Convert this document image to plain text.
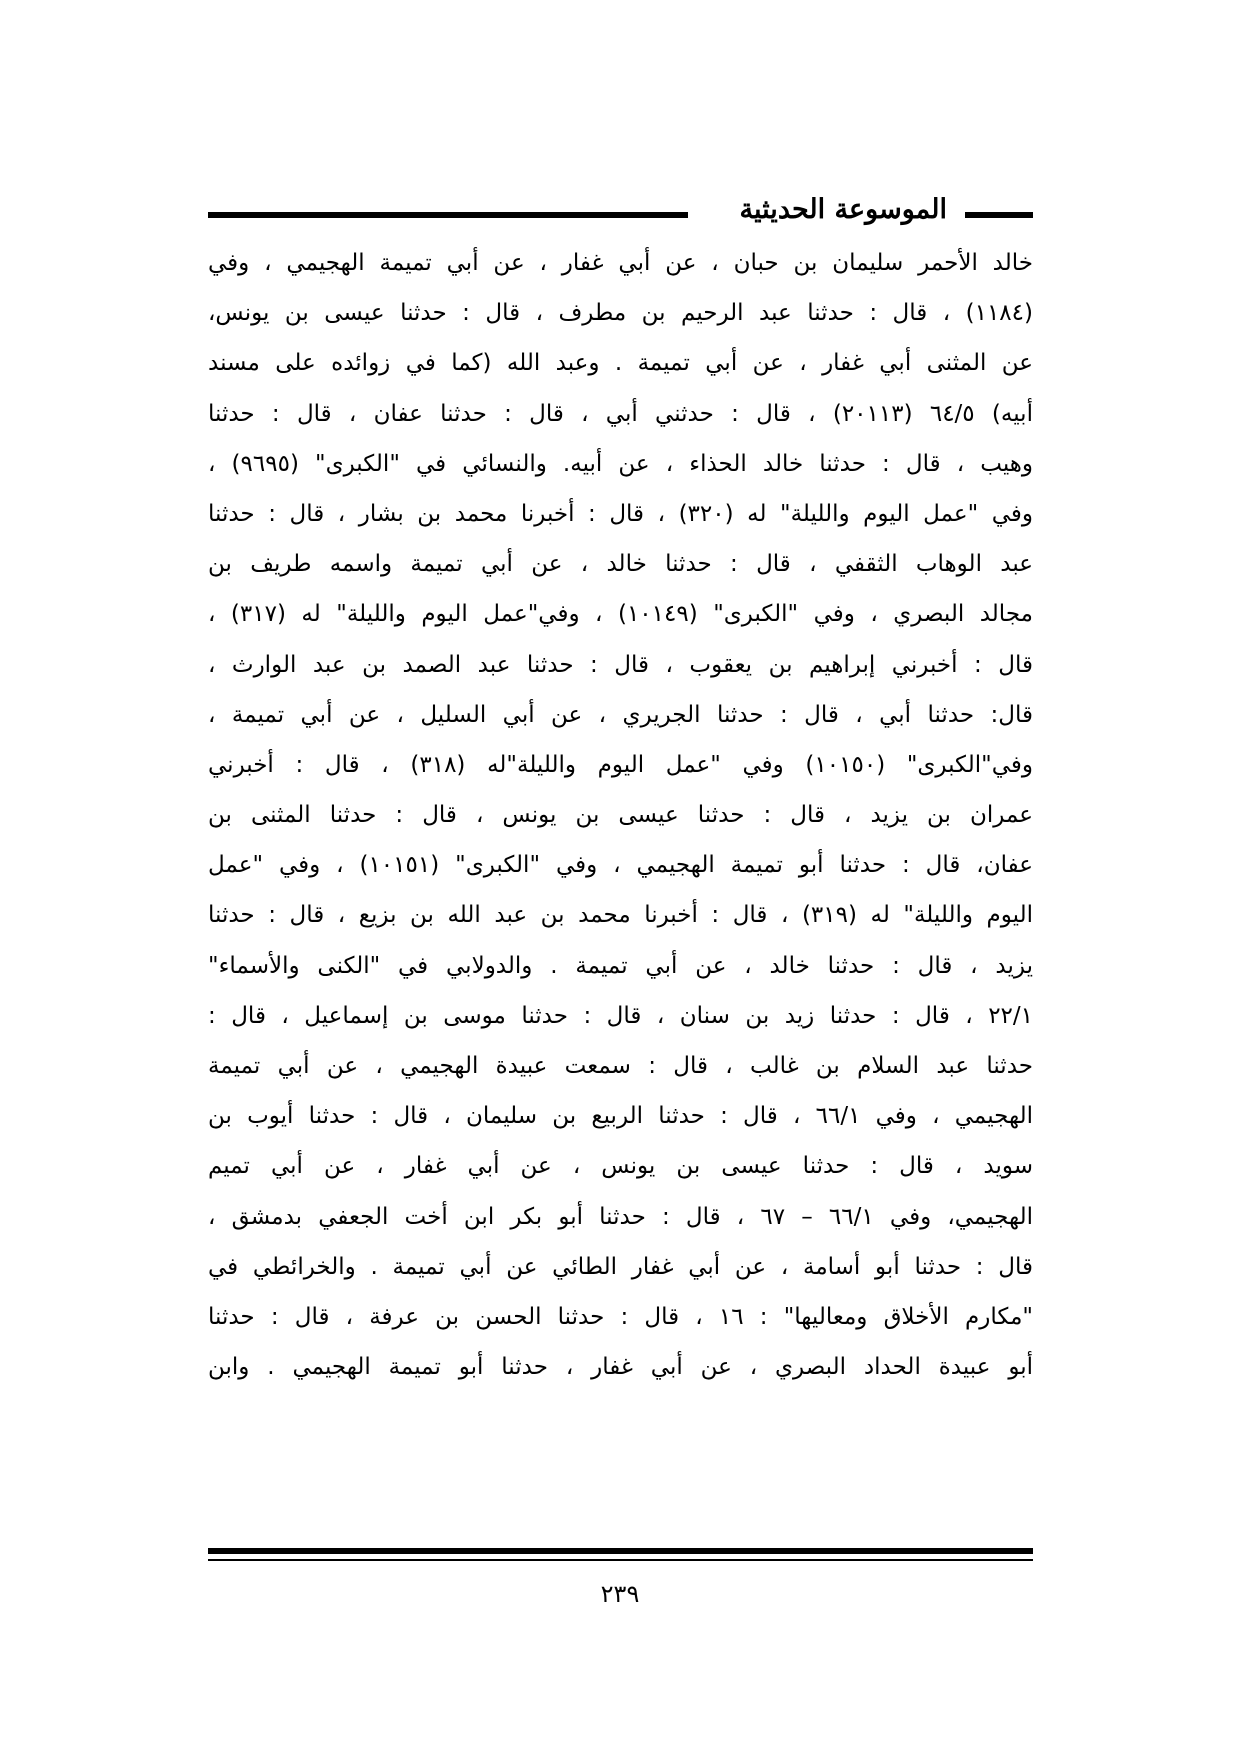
الموسوعة الحديثية
خالد الأحمر سليمان بن حبان ، عن أبي غفار ، عن أبي تميمة الهجيمي ، وفي
(١١٨٤) ، قال : حدثنا عبد الرحيم بن مطرف ، قال : حدثنا عيسى بن يونس،
عن المثنى أبي غفار ، عن أبي تميمة . وعبد الله (كما في زوائده على مسند
أبيه) ٦٤/٥ (٢٠١١٣) ، قال : حدثني أبي ، قال : حدثنا عفان ، قال : حدثنا
وهيب ، قال : حدثنا خالد الحذاء ، عن أبيه. والنسائي في "الكبرى" (٩٦٩٥) ،
وفي "عمل اليوم والليلة" له (٣٢٠) ، قال : أخبرنا محمد بن بشار ، قال : حدثنا
عبد الوهاب الثقفي ، قال : حدثنا خالد ، عن أبي تميمة واسمه طريف بن
مجالد البصري ، وفي "الكبرى" (١٠١٤٩) ، وفي"عمل اليوم والليلة" له (٣١٧) ،
قال : أخبرني إبراهيم بن يعقوب ، قال : حدثنا عبد الصمد بن عبد الوارث ،
قال: حدثنا أبي ، قال : حدثنا الجريري ، عن أبي السليل ، عن أبي تميمة ،
وفي"الكبرى" (١٠١٥٠) وفي "عمل اليوم والليلة"له (٣١٨) ، قال : أخبرني
عمران بن يزيد ، قال : حدثنا عيسى بن يونس ، قال : حدثنا المثنى بن
عفان، قال : حدثنا أبو تميمة الهجيمي ، وفي "الكبرى" (١٠١٥١) ، وفي "عمل
اليوم والليلة" له (٣١٩) ، قال : أخبرنا محمد بن عبد الله بن بزيع ، قال : حدثنا
يزيد ، قال : حدثنا خالد ، عن أبي تميمة . والدولابي في "الكنى والأسماء"
٢٢/١ ، قال : حدثنا زيد بن سنان ، قال : حدثنا موسى بن إسماعيل ، قال :
حدثنا عبد السلام بن غالب ، قال : سمعت عبيدة الهجيمي ، عن أبي تميمة
الهجيمي ، وفي ٦٦/١ ، قال : حدثنا الربيع بن سليمان ، قال : حدثنا أيوب بن
سويد ، قال : حدثنا عيسى بن يونس ، عن أبي غفار ، عن أبي تميم
الهجيمي، وفي ٦٦/١ – ٦٧ ، قال : حدثنا أبو بكر ابن أخت الجعفي بدمشق ،
قال : حدثنا أبو أسامة ، عن أبي غفار الطائي عن أبي تميمة . والخرائطي في
"مكارم الأخلاق ومعاليها" : ١٦ ، قال : حدثنا الحسن بن عرفة ، قال : حدثنا
أبو عبيدة الحداد البصري ، عن أبي غفار ، حدثنا أبو تميمة الهجيمي . وابن
٢٣٩
